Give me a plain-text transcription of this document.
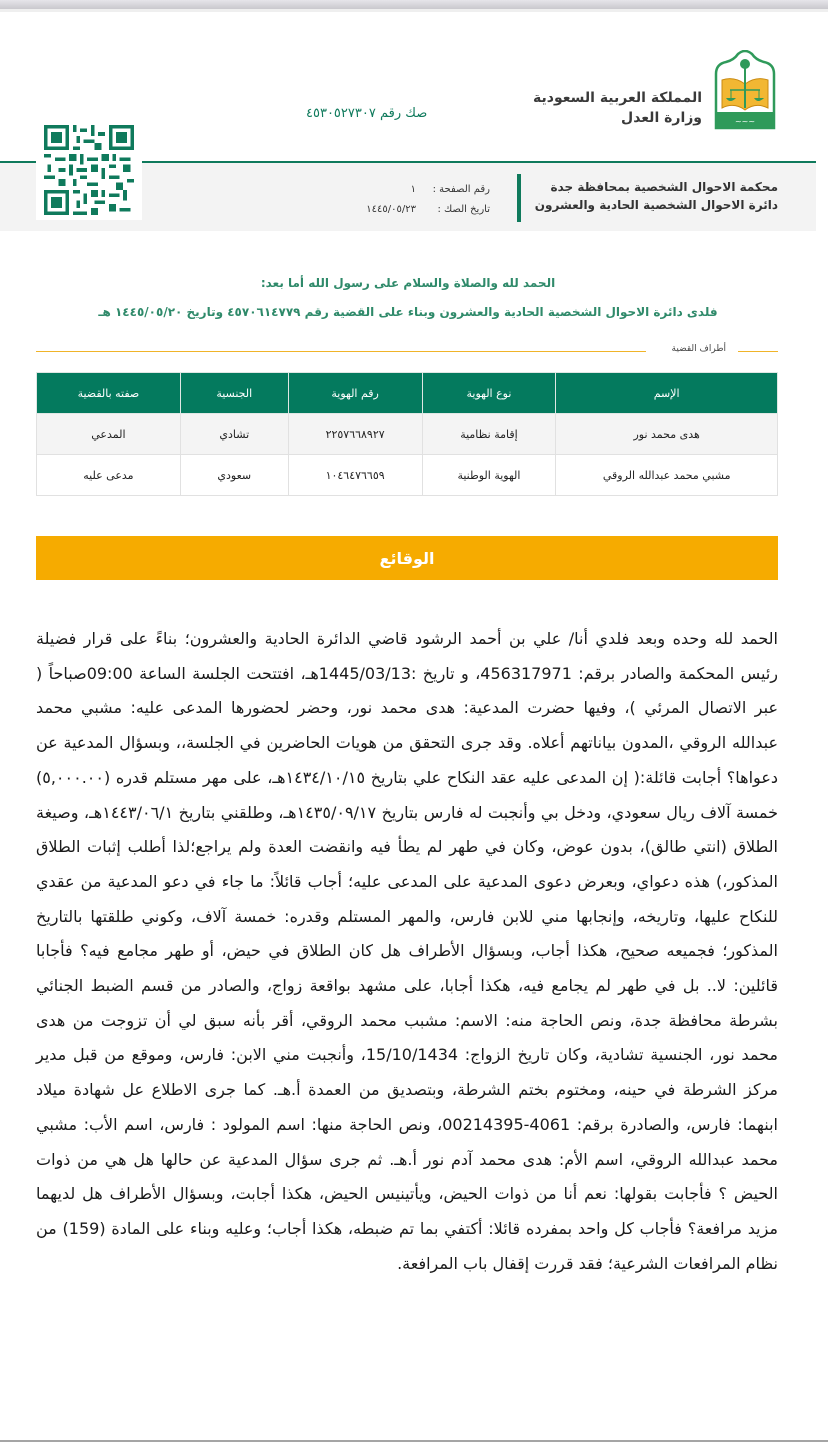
~~~
المملكة العربية السعودية
وزارة العدل
صك رقم ٤٥٣٠٥٢٧٣٠٧
محكمة الاحوال الشخصية بمحافظة جدة
دائرة الاحوال الشخصية الحادية والعشرون
رقم الصفحة :
١
تاريخ الصك :
١٤٤٥/٠٥/٢٣
الحمد لله والصلاة والسلام على رسول الله أما بعد:
فلدى دائرة الاحوال الشخصية الحادية والعشرون وبناء على القضية رقم ٤٥٧٠٦١٤٧٧٩ وتاريخ ١٤٤٥/٠٥/٢٠ هـ
أطراف القضية
الإسم	نوع الهوية	رقم الهوية	الجنسية	صفته بالقضية
هدى محمد نور	إقامة نظامية	٢٢٥٧٦٦٨٩٢٧	تشادي	المدعي
مشبي محمد عبدالله الروقي	الهوية الوطنية	١٠٤٦٤٧٦٦٥٩	سعودي	مدعى عليه
الوقائع

الحمد لله وحده وبعد فلدي أنا/ علي بن أحمد الرشود قاضي الدائرة الحادية والعشرون؛ بناءً على قرار فضيلة رئيس المحكمة والصادر برقم: 456317971، و تاريخ :1445/03/13هـ، افتتحت الجلسة الساعة 09:00صباحاً ( عبر الاتصال المرئي )، وفيها حضرت المدعية: هدى محمد نور، وحضر لحضورها المدعى عليه: مشبي محمد عبدالله الروقي ،المدون بياناتهم أعلاه. وقد جرى التحقق من هويات الحاضرين في الجلسة،، وبسؤال المدعية عن دعواها؟ أجابت قائلة:( إن المدعى عليه عقد النكاح علي بتاريخ ١٤٣٤/١٠/١٥هـ، على مهر مستلم قدره (٥,٠٠٠.٠٠) خمسة آلاف ريال سعودي، ودخل بي وأنجبت له فارس بتاريخ ١٤٣٥/٠٩/١٧هـ، وطلقني بتاريخ ١٤٤٣/٠٦/١هـ، وصيغة الطلاق (انتي طالق)، بدون عوض، وكان في طهر لم يطأ فيه وانقضت العدة ولم يراجع؛لذا أطلب إثبات الطلاق المذكور،) هذه دعواي، وبعرض دعوى المدعية على المدعى عليه؛ أجاب قائلاً: ما جاء في دعو المدعية من عقدي للنكاح عليها، وتاريخه، وإنجابها مني للابن فارس، والمهر المستلم وقدره: خمسة آلاف، وكوني طلقتها بالتاريخ المذكور؛ فجميعه صحيح، هكذا أجاب، وبسؤال الأطراف هل كان الطلاق في حيض، أو طهر مجامع فيه؟ فأجابا قائلين: لا.. بل في طهر لم يجامع فيه، هكذا أجابا، على مشهد بواقعة زواج، والصادر من قسم الضبط الجنائي بشرطة محافظة جدة، ونص الحاجة منه: الاسم: مشبب محمد الروقي، أقر بأنه سبق لي أن تزوجت من هدى محمد نور، الجنسية تشادية، وكان تاريخ الزواج: 15/10/1434، وأنجبت مني الابن: فارس، وموقع من قبل مدير مركز الشرطة في حينه، ومختوم بختم الشرطة، وبتصديق من العمدة أ.هـ. كما جرى الاطلاع عل شهادة ميلاد ابنهما: فارس، والصادرة برقم: 4061-00214395، ونص الحاجة منها: اسم المولود : فارس، اسم الأب: مشبي محمد عبدالله الروقي، اسم الأم: هدى محمد آدم نور أ.هـ. ثم جرى سؤال المدعية عن حالها هل هي من ذوات الحيض ؟ فأجابت بقولها: نعم أنا من ذوات الحيض، ويأتينيس الحيض، هكذا أجابت، وبسؤال الأطراف هل لديهما مزيد مرافعة؟ فأجاب كل واحد بمفرده قائلا: أكتفي بما تم ضبطه، هكذا أجاب؛ وعليه وبناء على المادة (159) من نظام المرافعات الشرعية؛ فقد قررت إقفال باب المرافعة.
